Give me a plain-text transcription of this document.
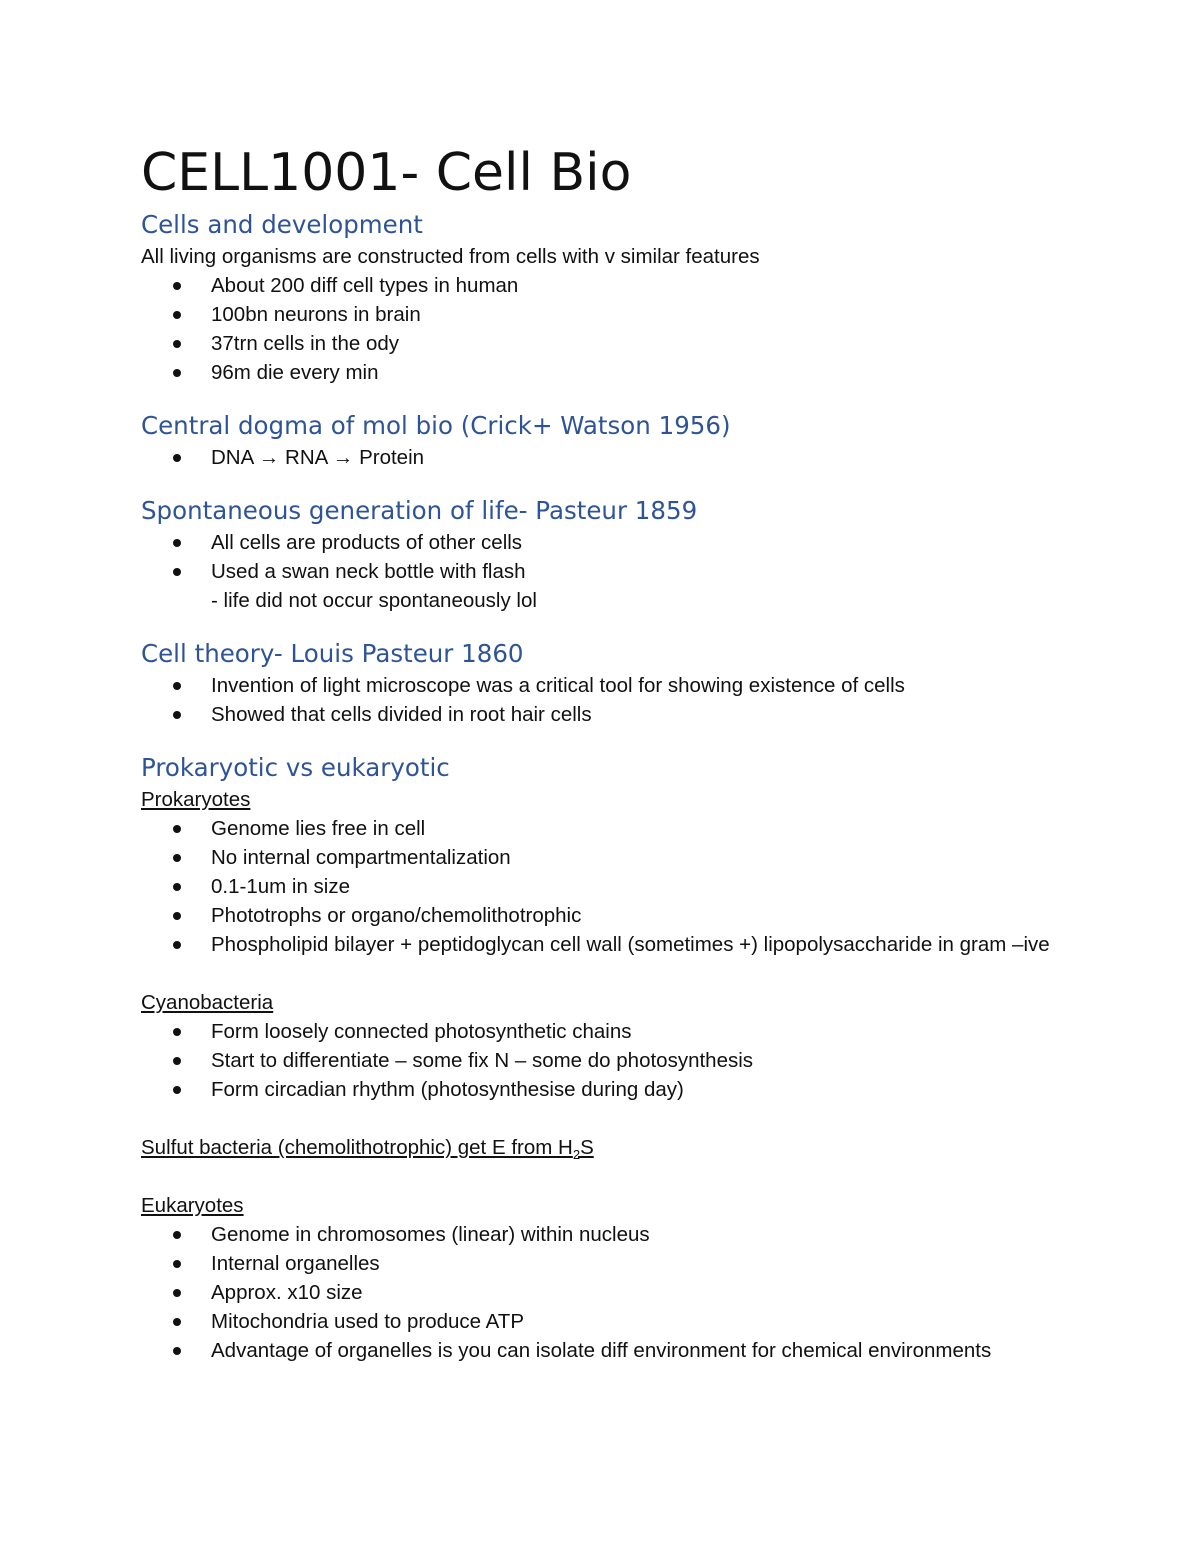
CELL1001- Cell Bio
Cells and development

All living organisms are constructed from cells with v similar features

About 200 diff cell types in human
100bn neurons in brain
37trn cells in the ody
96m die every min
Central dogma of mol bio (Crick+ Watson 1956)
DNA → RNA → Protein
Spontaneous generation of life- Pasteur 1859
All cells are products of other cells
Used a swan neck bottle with flash
- life did not occur spontaneously lol
Cell theory- Louis Pasteur 1860
Invention of light microscope was a critical tool for showing existence of cells
Showed that cells divided in root hair cells
Prokaryotic vs eukaryotic

Prokaryotes

Genome lies free in cell
No internal compartmentalization
0.1-1um in size
Phototrophs or organo/chemolithotrophic
Phospholipid bilayer + peptidoglycan cell wall (sometimes +) lipopolysaccharide in gram –ive

Cyanobacteria

Form loosely connected photosynthetic chains
Start to differentiate – some fix N – some do photosynthesis
Form circadian rhythm (photosynthesise during day)

Sulfut bacteria (chemolithotrophic) get E from $H_2S$

Eukaryotes

Genome in chromosomes (linear) within nucleus
Internal organelles
Approx. x10 size
Mitochondria used to produce ATP
Advantage of organelles is you can isolate diff environment for chemical environments
